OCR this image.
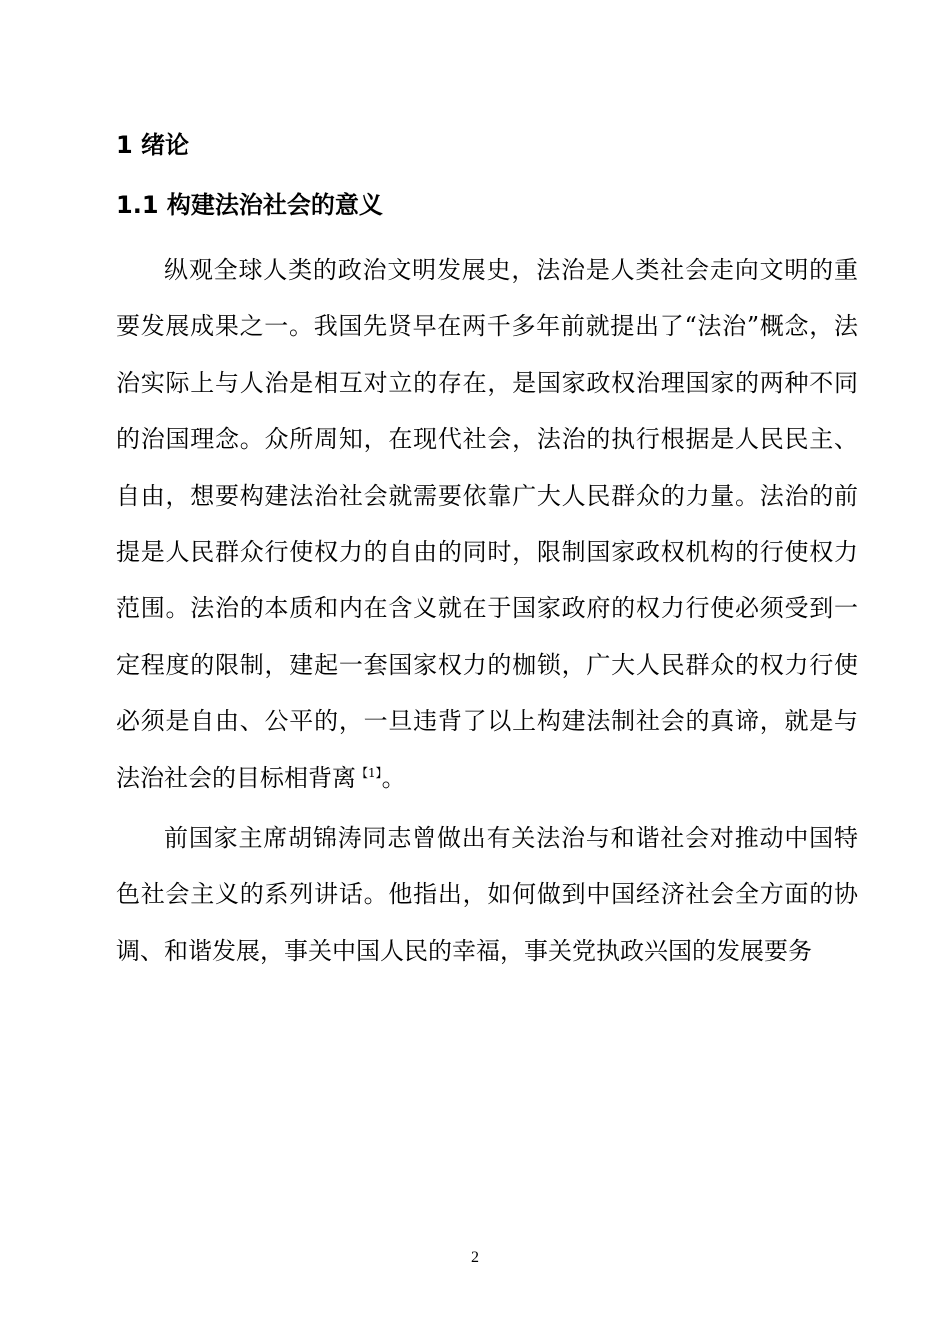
1 绪论
1.1 构建法治社会的意义

纵观全球人类的政治文明发展史，法治是人类社会走向文明的重要发展成果之一。我国先贤早在两千多年前就提出了“法治”概念，法治实际上与人治是相互对立的存在，是国家政权治理国家的两种不同的治国理念。众所周知，在现代社会，法治的执行根据是人民民主、自由，想要构建法治社会就需要依靠广大人民群众的力量。法治的前提是人民群众行使权力的自由的同时，限制国家政权机构的行使权力范围。法治的本质和内在含义就在于国家政府的权力行使必须受到一定程度的限制，建起一套国家权力的枷锁，广大人民群众的权力行使必须是自由、公平的，一旦违背了以上构建法制社会的真谛，就是与法治社会的目标相背离$^{【1】}$。

前国家主席胡锦涛同志曾做出有关法治与和谐社会对推动中国特色社会主义的系列讲话。他指出，如何做到中国经济社会全方面的协调、和谐发展，事关中国人民的幸福，事关党执政兴国的发展要务

2
